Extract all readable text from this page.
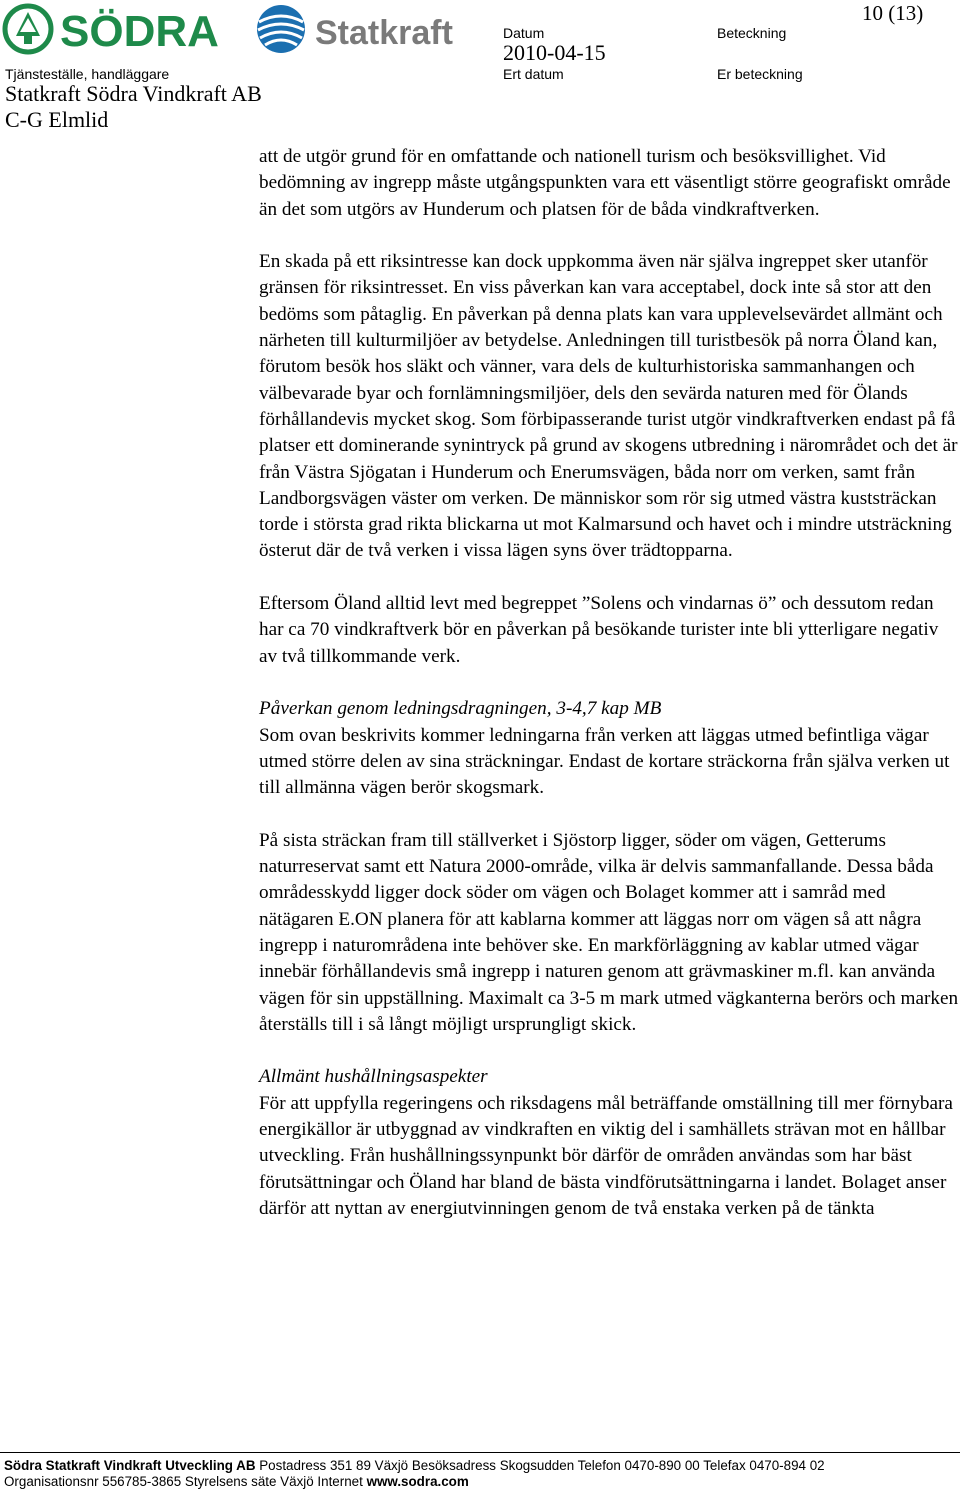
SÖDRA	Statkraft
Tjänsteställe, handläggare
Statkraft Södra Vindkraft AB
C-G Elmlid
Datum
2010-04-15
Ert datum
Beteckning
Er beteckning
10 (13)

att de utgör grund för en omfattande och nationell turism och besöksvillighet. Vid bedömning av ingrepp måste utgångspunkten vara ett väsentligt större geografiskt område än det som utgörs av Hunderum och platsen för de båda vindkraftverken.

En skada på ett riksintresse kan dock uppkomma även när själva ingreppet sker utanför gränsen för riksintresset. En viss påverkan kan vara acceptabel, dock inte så stor att den bedöms som påtaglig. En påverkan på denna plats kan vara upplevelsevärdet allmänt och närheten till kulturmiljöer av betydelse. Anledningen till turistbesök på norra Öland kan, förutom besök hos släkt och vänner, vara dels de kulturhistoriska sammanhangen och välbevarade byar och fornlämningsmiljöer, dels den sevärda naturen med för Ölands förhållandevis mycket skog. Som förbipasserande turist utgör vindkraftverken endast på få platser ett dominerande synintryck på grund av skogens utbredning i närområdet och det är från Västra Sjögatan i Hunderum och Enerumsvägen, båda norr om verken, samt från Landborgsvägen väster om verken. De människor som rör sig utmed västra kuststräckan torde i största grad rikta blickarna ut mot Kalmarsund och havet och i mindre utsträckning österut där de två verken i vissa lägen syns över trädtopparna.

Eftersom Öland alltid levt med begreppet ”Solens och vindarnas ö” och dessutom redan har ca 70 vindkraftverk bör en påverkan på besökande turister inte bli ytterligare negativ av två tillkommande verk.

Påverkan genom ledningsdragningen, 3-4,7 kap MB
Som ovan beskrivits kommer ledningarna från verken att läggas utmed befintliga vägar utmed större delen av sina sträckningar. Endast de kortare sträckorna från själva verken ut till allmänna vägen berör skogsmark.

På sista sträckan fram till ställverket i Sjöstorp ligger, söder om vägen, Getterums naturreservat samt ett Natura 2000-område, vilka är delvis sammanfallande. Dessa båda områdesskydd ligger dock söder om vägen och Bolaget kommer att i samråd med nätägaren E.ON planera för att kablarna kommer att läggas norr om vägen så att några ingrepp i naturområdena inte behöver ske. En markförläggning av kablar utmed vägar innebär förhållandevis små ingrepp i naturen genom att grävmaskiner m.fl. kan använda vägen för sin uppställning. Maximalt ca 3-5 m mark utmed vägkanterna berörs och marken återställs till i så långt möjligt ursprungligt skick.

Allmänt hushållningsaspekter
För att uppfylla regeringens och riksdagens mål beträffande omställning till mer förnybara energikällor är utbyggnad av vindkraften en viktig del i samhällets strävan mot en hållbar utveckling. Från hushållningssynpunkt bör därför de områden användas som har bäst förutsättningar och Öland har bland de bästa vindförutsättningarna i landet. Bolaget anser därför att nyttan av energiutvinningen genom de två enstaka verken på de tänkta

Södra Statkraft Vindkraft Utveckling AB Postadress 351 89 Växjö Besöksadress Skogsudden Telefon 0470-890 00 Telefax 0470-894 02
Organisationsnr 556785-3865 Styrelsens säte Växjö Internet www.sodra.com
